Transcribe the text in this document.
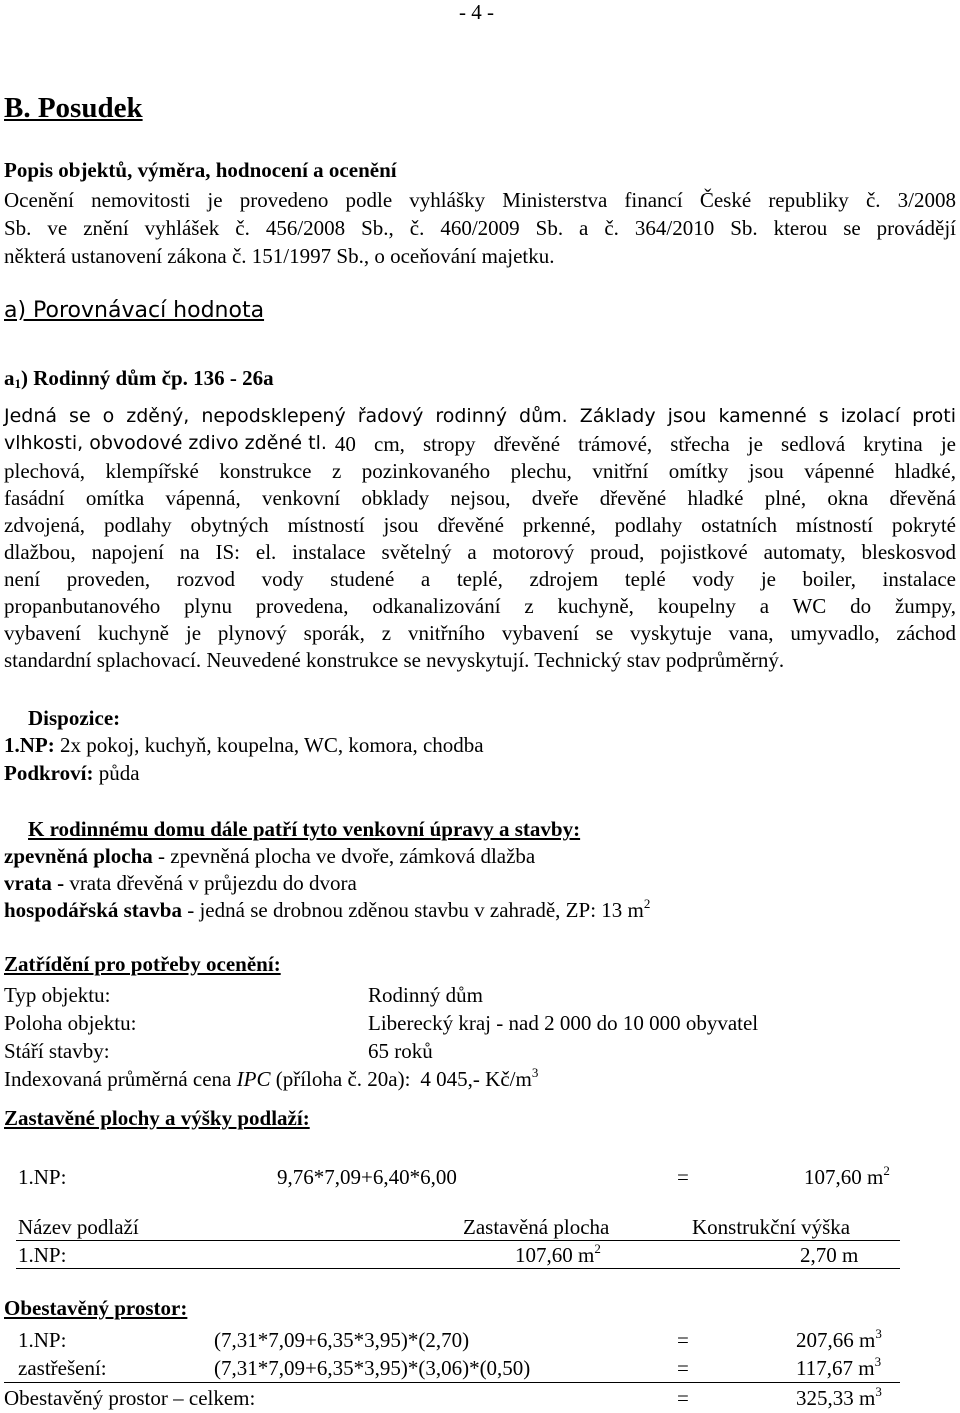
- 4 -
B. Posudek
Popis objektů, výměra, hodnocení a ocenění
Ocenění nemovitosti je provedeno podle vyhlášky Ministerstva financí České republiky č. 3/2008
Sb. ve znění vyhlášek č. 456/2008 Sb., č. 460/2009 Sb. a č. 364/2010 Sb. kterou se provádějí
některá ustanovení zákona č. 151/1997 Sb., o oceňování majetku.
a) Porovnávací hodnota
$a_1$) Rodinný dům čp. 136 - 26a
Jedná se o zděný, nepodsklepený řadový rodinný dům. Základy jsou kamenné s izolací proti
vlhkosti, obvodové zdivo zděné tl. 40 cm, stropy dřevěné trámové, střecha je sedlová krytina je
plechová, klempířské konstrukce z pozinkovaného plechu, vnitřní omítky jsou vápenné hladké,
fasádní omítka vápenná, venkovní obklady nejsou, dveře dřevěné hladké plné, okna dřevěná
zdvojená, podlahy obytných místností jsou dřevěné prkenné, podlahy ostatních místností pokryté
dlažbou, napojení na IS: el. instalace světelný a motorový proud, pojistkové automaty, bleskosvod
není proveden, rozvod vody studené a teplé, zdrojem teplé vody je boiler, instalace
propanbutanového plynu provedena, odkanalizování z kuchyně, koupelny a WC do žumpy,
vybavení kuchyně je plynový sporák, z vnitřního vybavení se vyskytuje vana, umyvadlo, záchod
standardní splachovací. Neuvedené konstrukce se nevyskytují. Technický stav podprůměrný.
Dispozice:
1.NP: 2x pokoj, kuchyň, koupelna, WC, komora, chodba
Podkroví: půda
K rodinnému domu dále patří tyto venkovní úpravy a stavby:
zpevněná plocha - zpevněná plocha ve dvoře, zámková dlažba
vrata - vrata dřevěná v průjezdu do dvora
hospodářská stavba - jedná se drobnou zděnou stavbu v zahradě, ZP: 13 $m^2$
Zatřídění pro potřeby ocenění:
Typ objektu:	Rodinný dům
Poloha objektu:	Liberecký kraj - nad 2 000 do 10 000 obyvatel
Stáří stavby:	65 roků
Indexovaná průměrná cena IPC (příloha č. 20a): 4 045,- $Kč/m^3$
Zastavěné plochy a výšky podlaží:
1.NP:	9,76*7,09+6,40*6,00	=	107,60 $m^2$
Název podlaží	Zastavěná plocha	Konstrukční výška
1.NP:	107,60 $m^2$	2,70 m
Obestavěný prostor:
1.NP:	(7,31*7,09+6,35*3,95)*(2,70)	=	207,66 $m^3$
zastřešení:	(7,31*7,09+6,35*3,95)*(3,06)*(0,50)	=	117,67 $m^3$
Obestavěný prostor – celkem:	=	325,33 $m^3$
